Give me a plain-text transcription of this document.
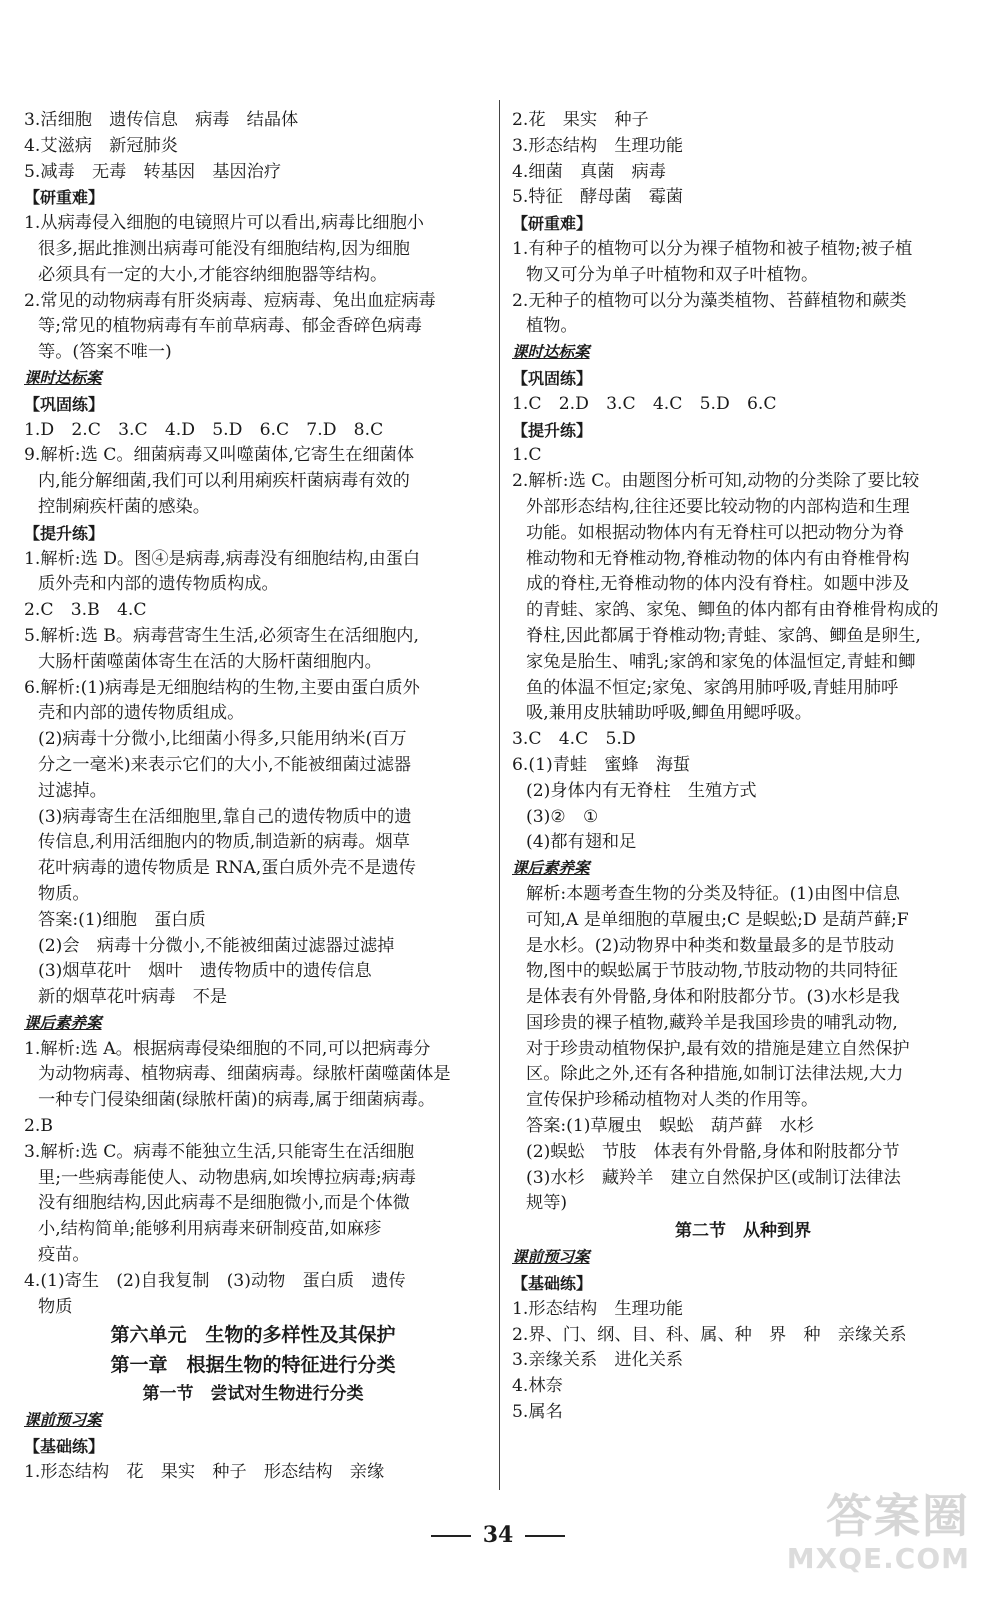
3.活细胞　遗传信息　病毒　结晶体
4.艾滋病　新冠肺炎
5.减毒　无毒　转基因　基因治疗
【研重难】
1.从病毒侵入细胞的电镜照片可以看出,病毒比细胞小
很多,据此推测出病毒可能没有细胞结构,因为细胞
必须具有一定的大小,才能容纳细胞器等结构。
2.常见的动物病毒有肝炎病毒、痘病毒、兔出血症病毒
等;常见的植物病毒有车前草病毒、郁金香碎色病毒
等。(答案不唯一)
课时达标案
【巩固练】
1.D　2.C　3.C　4.D　5.D　6.C　7.D　8.C
9.解析:选 C。细菌病毒又叫噬菌体,它寄生在细菌体
内,能分解细菌,我们可以利用痢疾杆菌病毒有效的
控制痢疾杆菌的感染。
【提升练】
1.解析:选 D。图④是病毒,病毒没有细胞结构,由蛋白
质外壳和内部的遗传物质构成。
2.C　3.B　4.C
5.解析:选 B。病毒营寄生生活,必须寄生在活细胞内,
大肠杆菌噬菌体寄生在活的大肠杆菌细胞内。
6.解析:(1)病毒是无细胞结构的生物,主要由蛋白质外
壳和内部的遗传物质组成。
(2)病毒十分微小,比细菌小得多,只能用纳米(百万
分之一毫米)来表示它们的大小,不能被细菌过滤器
过滤掉。
(3)病毒寄生在活细胞里,靠自己的遗传物质中的遗
传信息,利用活细胞内的物质,制造新的病毒。烟草
花叶病毒的遗传物质是 RNA,蛋白质外壳不是遗传
物质。
答案:(1)细胞　蛋白质
(2)会　病毒十分微小,不能被细菌过滤器过滤掉
(3)烟草花叶　烟叶　遗传物质中的遗传信息
新的烟草花叶病毒　不是
课后素养案
1.解析:选 A。根据病毒侵染细胞的不同,可以把病毒分
为动物病毒、植物病毒、细菌病毒。绿脓杆菌噬菌体是
一种专门侵染细菌(绿脓杆菌)的病毒,属于细菌病毒。
2.B
3.解析:选 C。病毒不能独立生活,只能寄生在活细胞
里;一些病毒能使人、动物患病,如埃博拉病毒;病毒
没有细胞结构,因此病毒不是细胞微小,而是个体微
小,结构简单;能够利用病毒来研制疫苗,如麻疹
疫苗。
4.(1)寄生　(2)自我复制　(3)动物　蛋白质　遗传
物质
第六单元　生物的多样性及其保护
第一章　根据生物的特征进行分类
第一节　尝试对生物进行分类
课前预习案
【基础练】
1.形态结构　花　果实　种子　形态结构　亲缘
2.花　果实　种子
3.形态结构　生理功能
4.细菌　真菌　病毒
5.特征　酵母菌　霉菌
【研重难】
1.有种子的植物可以分为裸子植物和被子植物;被子植
物又可分为单子叶植物和双子叶植物。
2.无种子的植物可以分为藻类植物、苔藓植物和蕨类
植物。
课时达标案
【巩固练】
1.C　2.D　3.C　4.C　5.D　6.C
【提升练】
1.C
2.解析:选 C。由题图分析可知,动物的分类除了要比较
外部形态结构,往往还要比较动物的内部构造和生理
功能。如根据动物体内有无脊柱可以把动物分为脊
椎动物和无脊椎动物,脊椎动物的体内有由脊椎骨构
成的脊柱,无脊椎动物的体内没有脊柱。如题中涉及
的青蛙、家鸽、家兔、鲫鱼的体内都有由脊椎骨构成的
脊柱,因此都属于脊椎动物;青蛙、家鸽、鲫鱼是卵生,
家兔是胎生、哺乳;家鸽和家兔的体温恒定,青蛙和鲫
鱼的体温不恒定;家兔、家鸽用肺呼吸,青蛙用肺呼
吸,兼用皮肤辅助呼吸,鲫鱼用鳃呼吸。
3.C　4.C　5.D
6.(1)青蛙　蜜蜂　海蜇
(2)身体内有无脊柱　生殖方式
(3)②　①
(4)都有翅和足
课后素养案
解析:本题考查生物的分类及特征。(1)由图中信息
可知,A 是单细胞的草履虫;C 是蜈蚣;D 是葫芦藓;F
是水杉。(2)动物界中种类和数量最多的是节肢动
物,图中的蜈蚣属于节肢动物,节肢动物的共同特征
是体表有外骨骼,身体和附肢都分节。(3)水杉是我
国珍贵的裸子植物,藏羚羊是我国珍贵的哺乳动物,
对于珍贵动植物保护,最有效的措施是建立自然保护
区。除此之外,还有各种措施,如制订法律法规,大力
宣传保护珍稀动植物对人类的作用等。
答案:(1)草履虫　蜈蚣　葫芦藓　水杉
(2)蜈蚣　节肢　体表有外骨骼,身体和附肢都分节
(3)水杉　藏羚羊　建立自然保护区(或制订法律法
规等)
第二节　从种到界
课前预习案
【基础练】
1.形态结构　生理功能
2.界、门、纲、目、科、属、种　界　种　亲缘关系
3.亲缘关系　进化关系
4.林奈
5.属名
34	答案圈
MXQE.COM
